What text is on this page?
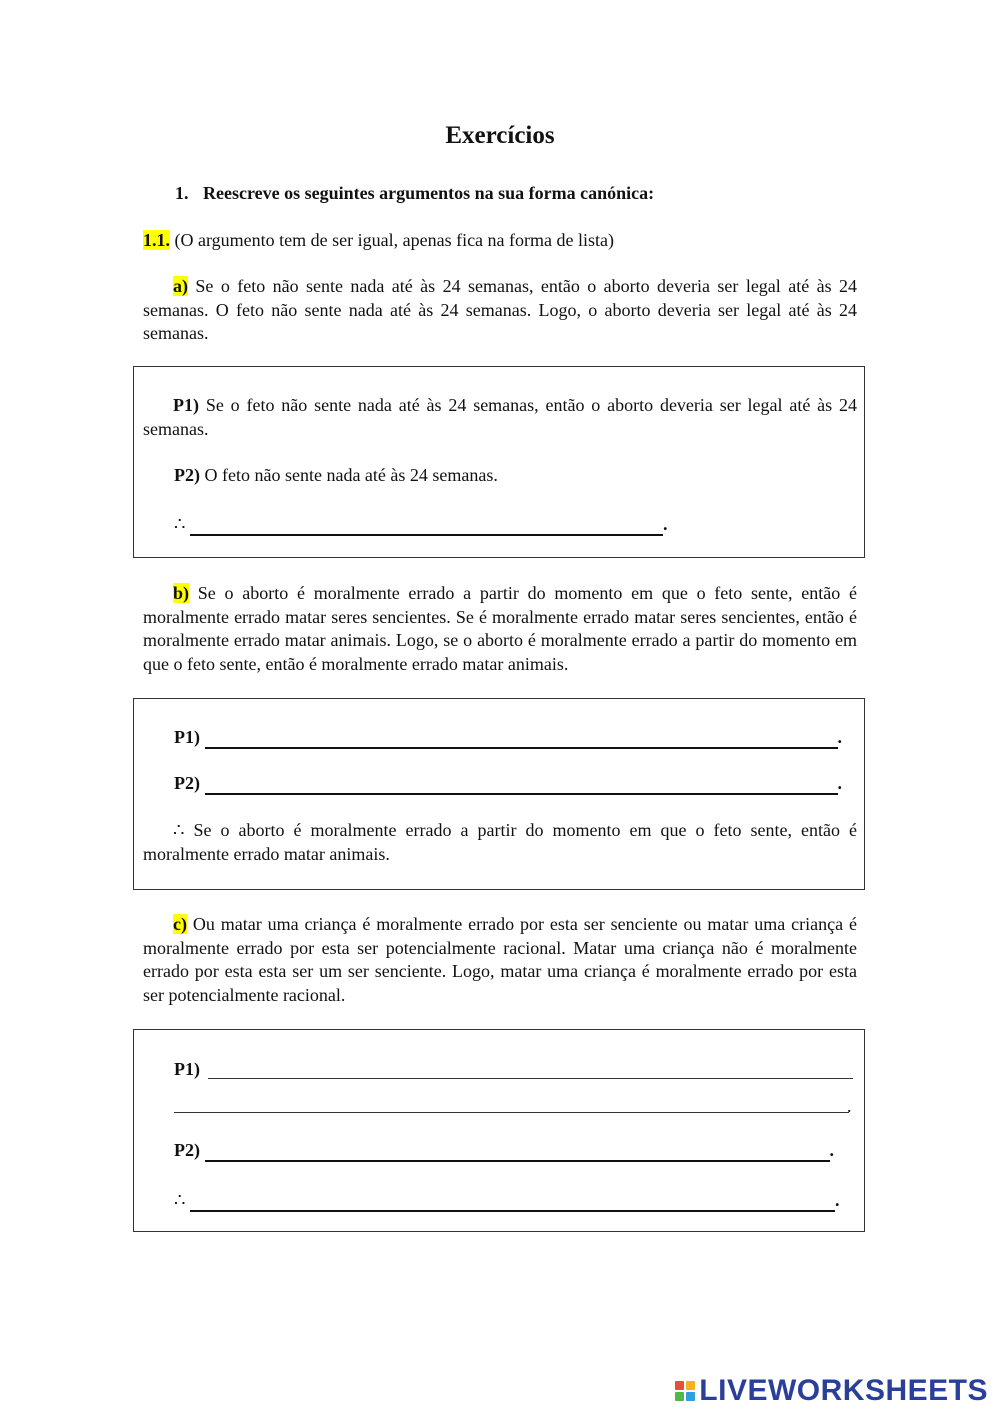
Exercícios
1. Reescreve os seguintes argumentos na sua forma canónica:
1.1. (O argumento tem de ser igual, apenas fica na forma de lista)
a) Se o feto não sente nada até às 24 semanas, então o aborto deveria ser legal até às 24 semanas. O feto não sente nada até às 24 semanas. Logo, o aborto deveria ser legal até às 24 semanas.
P1) Se o feto não sente nada até às 24 semanas, então o aborto deveria ser legal até às 24 semanas.
P2) O feto não sente nada até às 24 semanas.
∴	.
b) Se o aborto é moralmente errado a partir do momento em que o feto sente, então é moralmente errado matar seres sencientes. Se é moralmente errado matar seres sencientes, então é moralmente errado matar animais. Logo, se o aborto é moralmente errado a partir do momento em que o feto sente, então é moralmente errado matar animais.
P1)	.
P2)	.
∴ Se o aborto é moralmente errado a partir do momento em que o feto sente, então é moralmente errado matar animais.
c) Ou matar uma criança é moralmente errado por esta ser senciente ou matar uma criança é moralmente errado por esta ser potencialmente racional. Matar uma criança não é moralmente errado por esta esta ser um ser senciente. Logo, matar uma criança é moralmente errado por esta ser potencialmente racional.
P1)
.
P2)	.
∴	.
LIVEWORKSHEETS
